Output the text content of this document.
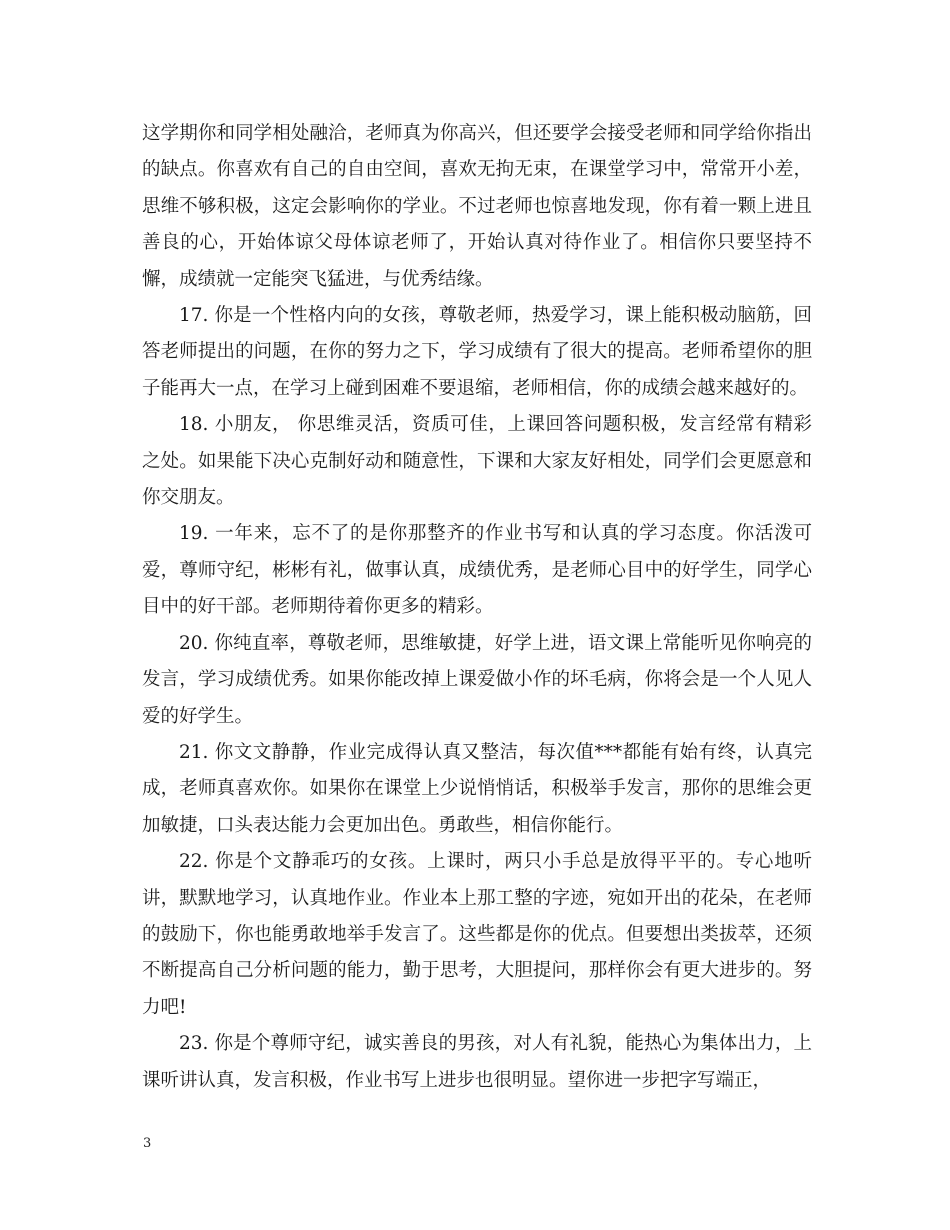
这学期你和同学相处融洽，老师真为你高兴，但还要学会接受老师和同学给你指出的缺点。你喜欢有自己的自由空间，喜欢无拘无束，在课堂学习中，常常开小差，思维不够积极，这定会影响你的学业。不过老师也惊喜地发现，你有着一颗上进且善良的心，开始体谅父母体谅老师了，开始认真对待作业了。相信你只要坚持不懈，成绩就一定能突飞猛进，与优秀结缘。

17. 你是一个性格内向的女孩，尊敬老师，热爱学习，课上能积极动脑筋，回答老师提出的问题，在你的努力之下，学习成绩有了很大的提高。老师希望你的胆子能再大一点，在学习上碰到困难不要退缩，老师相信，你的成绩会越来越好的。

18. 小朋友， 你思维灵活，资质可佳，上课回答问题积极，发言经常有精彩之处。如果能下决心克制好动和随意性，下课和大家友好相处，同学们会更愿意和你交朋友。

19. 一年来，忘不了的是你那整齐的作业书写和认真的学习态度。你活泼可爱，尊师守纪，彬彬有礼，做事认真，成绩优秀，是老师心目中的好学生，同学心目中的好干部。老师期待着你更多的精彩。

20. 你纯直率，尊敬老师，思维敏捷，好学上进，语文课上常能听见你响亮的发言，学习成绩优秀。如果你能改掉上课爱做小作的坏毛病，你将会是一个人见人爱的好学生。

21. 你文文静静，作业完成得认真又整洁，每次值***都能有始有终，认真完成，老师真喜欢你。如果你在课堂上少说悄悄话，积极举手发言，那你的思维会更加敏捷，口头表达能力会更加出色。勇敢些，相信你能行。

22. 你是个文静乖巧的女孩。上课时，两只小手总是放得平平的。专心地听讲，默默地学习，认真地作业。作业本上那工整的字迹，宛如开出的花朵，在老师的鼓励下，你也能勇敢地举手发言了。这些都是你的优点。但要想出类拔萃，还须不断提高自己分析问题的能力，勤于思考，大胆提问，那样你会有更大进步的。努力吧!

23. 你是个尊师守纪，诚实善良的男孩，对人有礼貌，能热心为集体出力，上课听讲认真，发言积极，作业书写上进步也很明显。望你进一步把字写端正，

3
